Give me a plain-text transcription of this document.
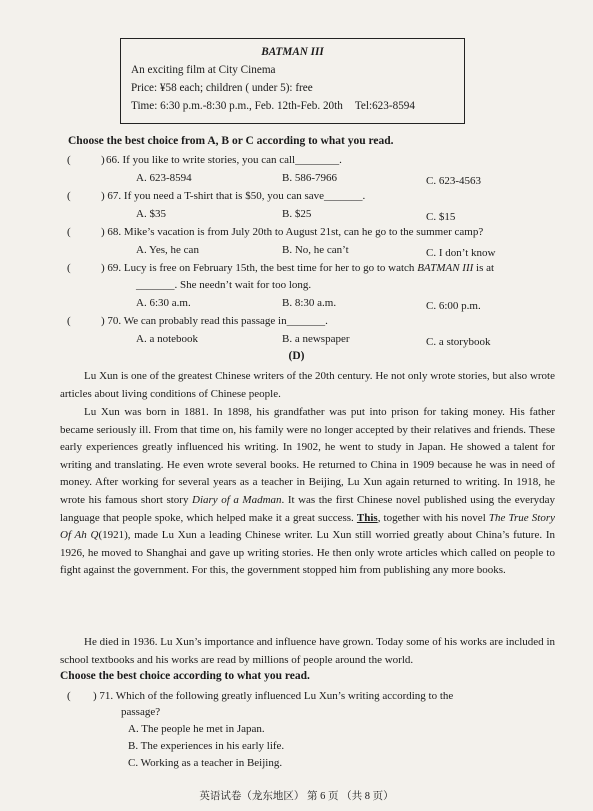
BATMAN III
An exciting film at City Cinema
Price: ¥58 each; children ( under 5): free
Time: 6:30 p.m.-8:30 p.m., Feb. 12th-Feb. 20th Tel:623-8594
Choose the best choice from A, B or C according to what you read.
(	) 66. If you like to write stories, you can call________.
A. 623-8594	B. 586-7966	C. 623-4563
(	) 67. If you need a T-shirt that is $50, you can save_______.
A. $35	B. $25	C. $15
(	) 68. Mike’s vacation is from July 20th to August 21st, can he go to the summer camp?
A. Yes, he can	B. No, he can’t	C. I don’t know
(	) 69. Lucy is free on February 15th, the best time for her to go to watch BATMAN III is at
_______. She needn’t wait for too long.
A. 6:30 a.m.	B. 8:30 a.m.	C. 6:00 p.m.
(	) 70. We can probably read this passage in_______.
A. a notebook	B. a newspaper	C. a storybook
(D)
Lu Xun is one of the greatest Chinese writers of the 20th century. He not only wrote stories, but also wrote articles about living conditions of Chinese people.
Lu Xun was born in 1881. In 1898, his grandfather was put into prison for taking money. His father became seriously ill. From that time on, his family were no longer accepted by their relatives and friends. These early experiences greatly influenced his writing. In 1902, he went to study in Japan. He showed a talent for writing and translating. He even wrote several books. He returned to China in 1909 because he was in need of money. After working for several years as a teacher in Beijing, Lu Xun again returned to writing. In 1918, he wrote his famous short story Diary of a Madman. It was the first Chinese novel published using the everyday language that people spoke, which helped make it a great success. This, together with his novel The True Story Of Ah Q(1921), made Lu Xun a leading Chinese writer. Lu Xun still worried greatly about China’s future. In 1926, he moved to Shanghai and gave up writing stories. He then only wrote articles which called on people to fight against the government. For this, the government stopped him from publishing any more books.
He died in 1936. Lu Xun’s importance and influence have grown. Today some of his works are included in school textbooks and his works are read by millions of people around the world.
Choose the best choice according to what you read.
( ) 71. Which of the following greatly influenced Lu Xun’s writing according to the
passage?
A. The people he met in Japan.
B. The experiences in his early life.
C. Working as a teacher in Beijing.
英语试卷（龙东地区） 第 6 页 （共 8 页）
